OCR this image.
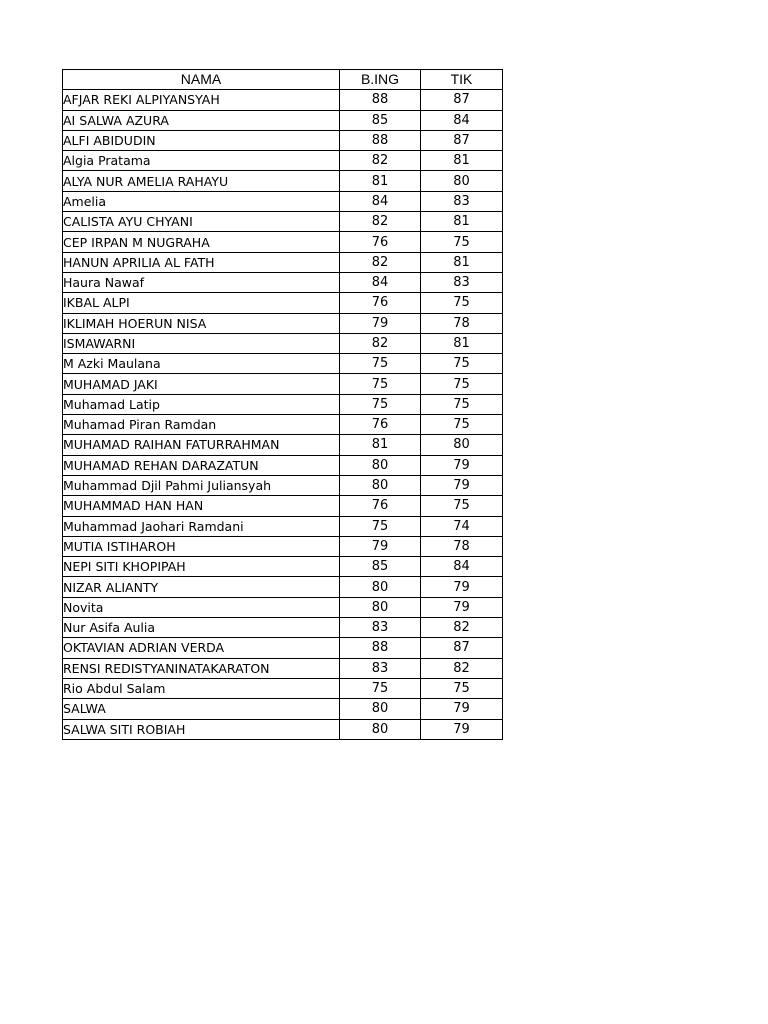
NAMA	B.ING	TIK
AFJAR REKI ALPIYANSYAH	88	87
AI SALWA AZURA	85	84
ALFI ABIDUDIN	88	87
Algia Pratama	82	81
ALYA NUR AMELIA RAHAYU	81	80
Amelia	84	83
CALISTA AYU CHYANI	82	81
CEP IRPAN M NUGRAHA	76	75
HANUN APRILIA AL FATH	82	81
Haura Nawaf	84	83
IKBAL ALPI	76	75
IKLIMAH HOERUN NISA	79	78
ISMAWARNI	82	81
M Azki Maulana	75	75
MUHAMAD JAKI	75	75
Muhamad Latip	75	75
Muhamad Piran Ramdan	76	75
MUHAMAD RAIHAN FATURRAHMAN	81	80
MUHAMAD REHAN DARAZATUN	80	79
Muhammad Djil Pahmi Juliansyah	80	79
MUHAMMAD HAN HAN	76	75
Muhammad Jaohari Ramdani	75	74
MUTIA ISTIHAROH	79	78
NEPI SITI KHOPIPAH	85	84
NIZAR ALIANTY	80	79
Novita	80	79
Nur Asifa Aulia	83	82
OKTAVIAN ADRIAN VERDA	88	87
RENSI REDISTYANINATAKARATON	83	82
Rio Abdul Salam	75	75
SALWA	80	79
SALWA SITI ROBIAH	80	79
